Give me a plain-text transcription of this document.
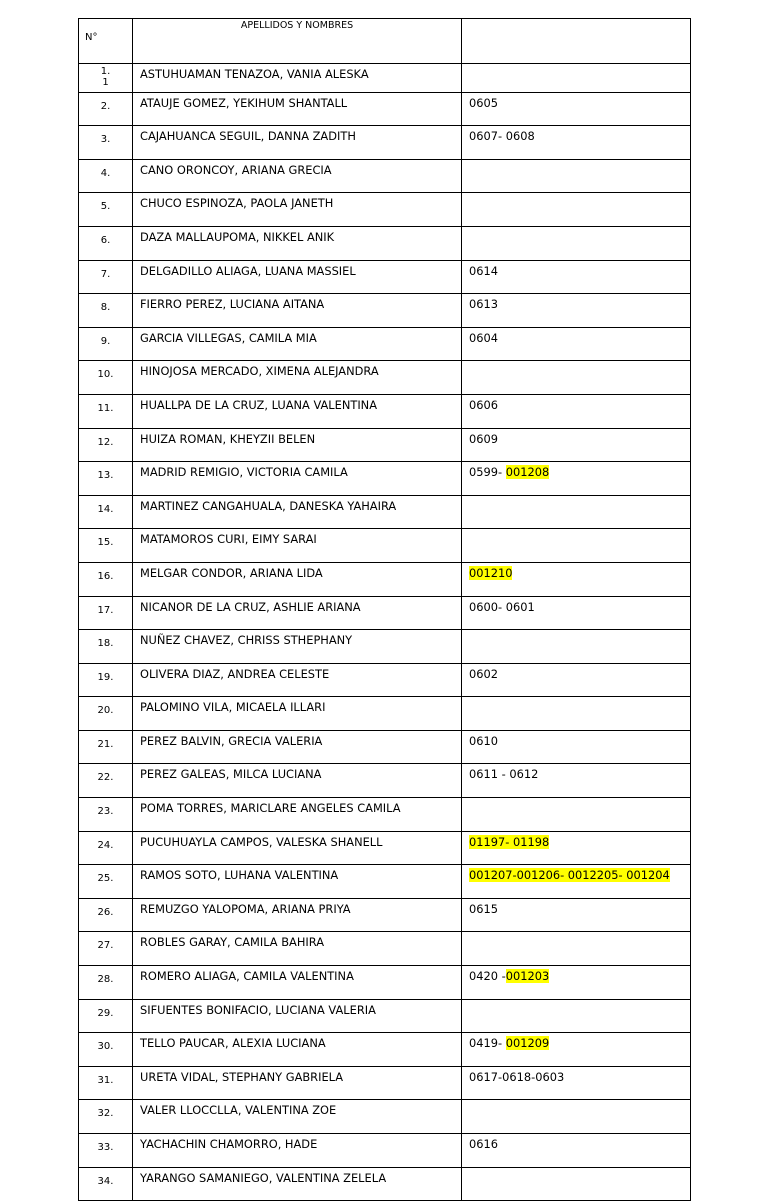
N°	APELLIDOS Y NOMBRES	
1.
1	ASTUHUAMAN TENAZOA, VANIA ALESKA	
2.	ATAUJE GOMEZ, YEKIHUM SHANTALL	0605
3.	CAJAHUANCA SEGUIL, DANNA ZADITH	0607- 0608
4.	CANO ORONCOY, ARIANA GRECIA	
5.	CHUCO ESPINOZA, PAOLA JANETH	
6.	DAZA MALLAUPOMA, NIKKEL ANIK	
7.	DELGADILLO ALIAGA, LUANA MASSIEL	0614
8.	FIERRO PEREZ, LUCIANA AITANA	0613
9.	GARCIA VILLEGAS, CAMILA MIA	0604
10.	HINOJOSA MERCADO, XIMENA ALEJANDRA	
11.	HUALLPA DE LA CRUZ, LUANA VALENTINA	0606
12.	HUIZA ROMAN, KHEYZII BELEN	0609
13.	MADRID REMIGIO, VICTORIA CAMILA	0599- 001208
14.	MARTINEZ CANGAHUALA, DANESKA YAHAIRA	
15.	MATAMOROS CURI, EIMY SARAI	
16.	MELGAR CONDOR, ARIANA LIDA	001210
17.	NICANOR DE LA CRUZ, ASHLIE ARIANA	0600- 0601
18.	NUÑEZ CHAVEZ, CHRISS STHEPHANY	
19.	OLIVERA DIAZ, ANDREA CELESTE	0602
20.	PALOMINO VILA, MICAELA ILLARI	
21.	PEREZ BALVIN, GRECIA VALERIA	0610
22.	PEREZ GALEAS, MILCA LUCIANA	0611 - 0612
23.	POMA TORRES, MARICLARE ANGELES CAMILA	
24.	PUCUHUAYLA CAMPOS, VALESKA SHANELL	01197- 01198
25.	RAMOS SOTO, LUHANA VALENTINA	001207-001206- 0012205- 001204
26.	REMUZGO YALOPOMA, ARIANA PRIYA	0615
27.	ROBLES GARAY, CAMILA BAHIRA	
28.	ROMERO ALIAGA, CAMILA VALENTINA	0420 -001203
29.	SIFUENTES BONIFACIO, LUCIANA VALERIA	
30.	TELLO PAUCAR, ALEXIA LUCIANA	0419- 001209
31.	URETA VIDAL, STEPHANY GABRIELA	0617-0618-0603
32.	VALER LLOCCLLA, VALENTINA ZOE	
33.	YACHACHIN CHAMORRO, HADE	0616
34.	YARANGO SAMANIEGO, VALENTINA ZELELA	
